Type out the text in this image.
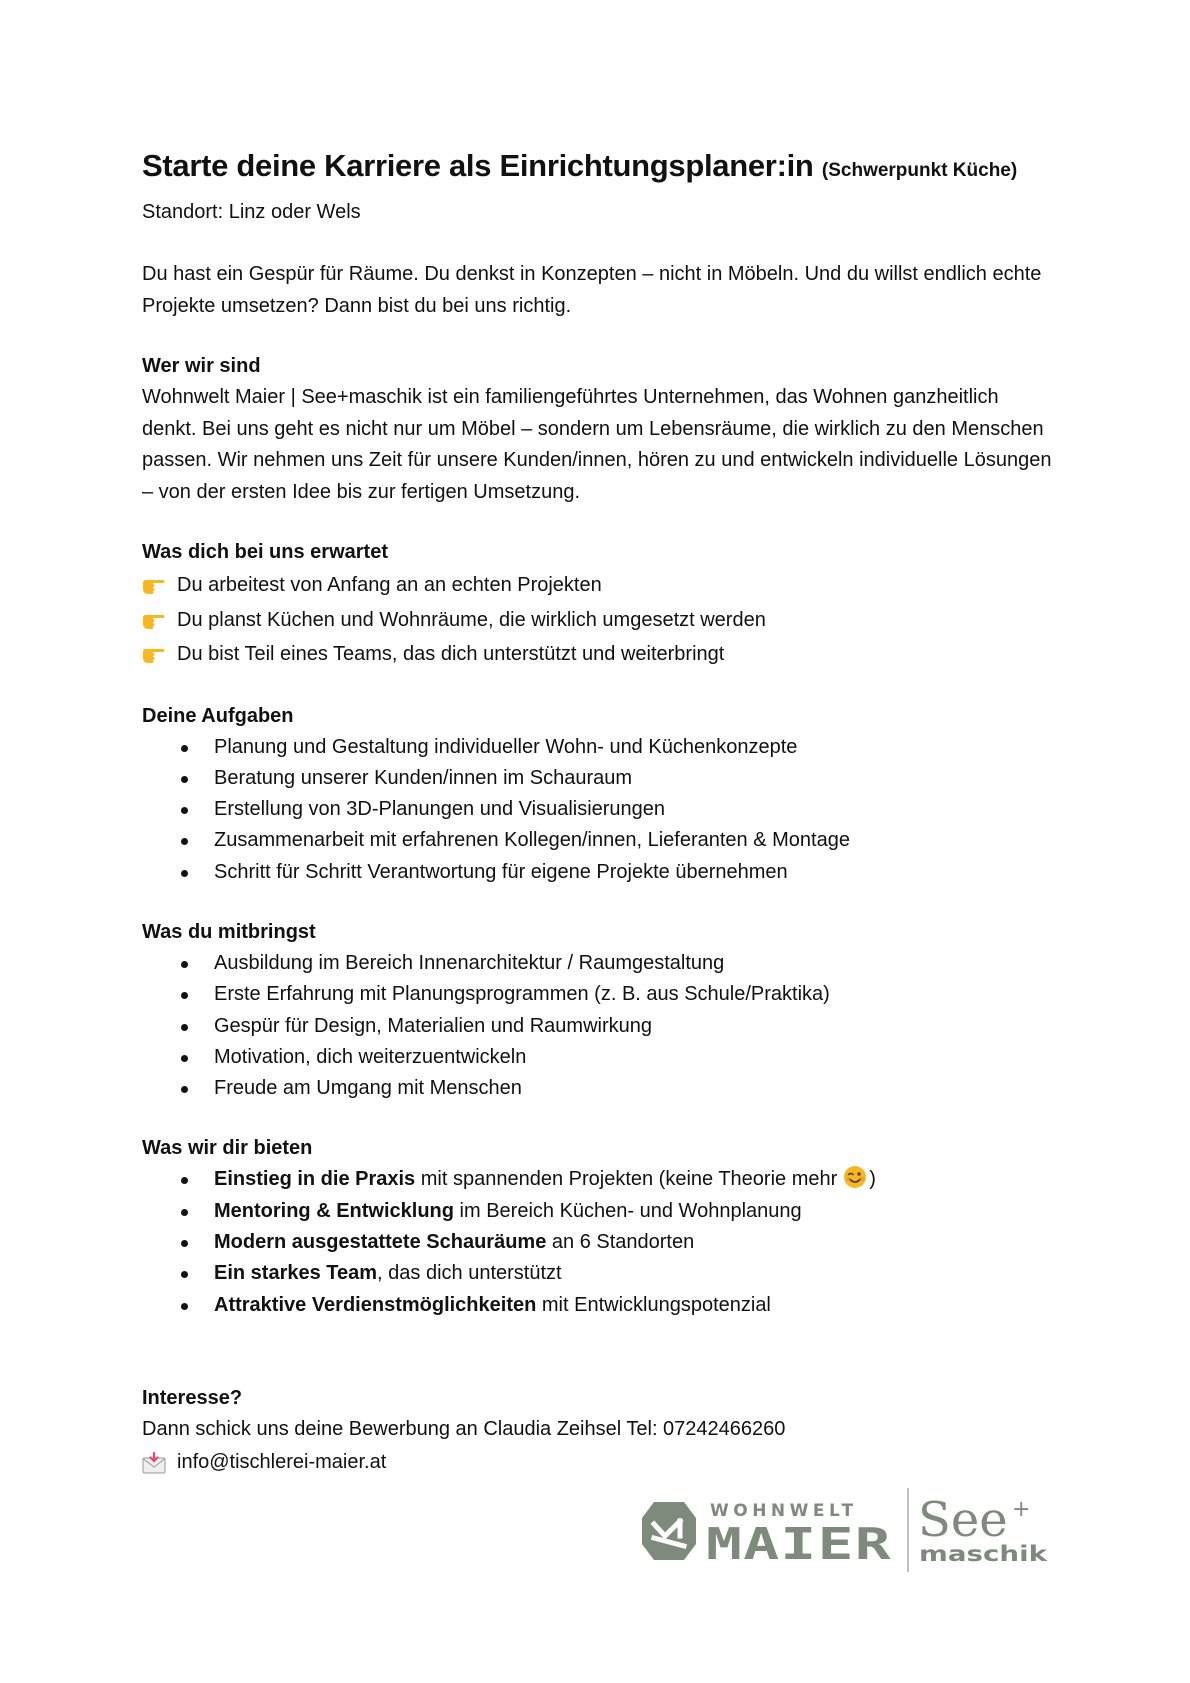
Starte deine Karriere als Einrichtungsplaner:in (Schwerpunkt Küche)

Standort: Linz oder Wels

Du hast ein Gespür für Räume. Du denkst in Konzepten – nicht in Möbeln. Und du willst endlich echte

Projekte umsetzen? Dann bist du bei uns richtig.

Wer wir sind

Wohnwelt Maier | See+maschik ist ein familiengeführtes Unternehmen, das Wohnen ganzheitlich

denkt. Bei uns geht es nicht nur um Möbel – sondern um Lebensräume, die wirklich zu den Menschen

passen. Wir nehmen uns Zeit für unsere Kunden/innen, hören zu und entwickeln individuelle Lösungen

– von der ersten Idee bis zur fertigen Umsetzung.

Was dich bei uns erwartet

Du arbeitest von Anfang an an echten Projekten
Du planst Küchen und Wohnräume, die wirklich umgesetzt werden
Du bist Teil eines Teams, das dich unterstützt und weiterbringt

Deine Aufgaben

Planung und Gestaltung individueller Wohn- und Küchenkonzepte
Beratung unserer Kunden/innen im Schauraum
Erstellung von 3D-Planungen und Visualisierungen
Zusammenarbeit mit erfahrenen Kollegen/innen, Lieferanten & Montage
Schritt für Schritt Verantwortung für eigene Projekte übernehmen

Was du mitbringst

Ausbildung im Bereich Innenarchitektur / Raumgestaltung
Erste Erfahrung mit Planungsprogrammen (z. B. aus Schule/Praktika)
Gespür für Design, Materialien und Raumwirkung
Motivation, dich weiterzuentwickeln
Freude am Umgang mit Menschen

Was wir dir bieten

Einstieg in die Praxis mit spannenden Projekten (keine Theorie mehr )
Mentoring & Entwicklung im Bereich Küchen- und Wohnplanung
Modern ausgestattete Schauräume an 6 Standorten
Ein starkes Team, das dich unterstützt
Attraktive Verdienstmöglichkeiten mit Entwicklungspotenzial

Interesse?

Dann schick uns deine Bewerbung an Claudia Zeihsel Tel: 07242466260

info@tischlerei-maier.at
WOHNWELT
MAIER See +
maschik
